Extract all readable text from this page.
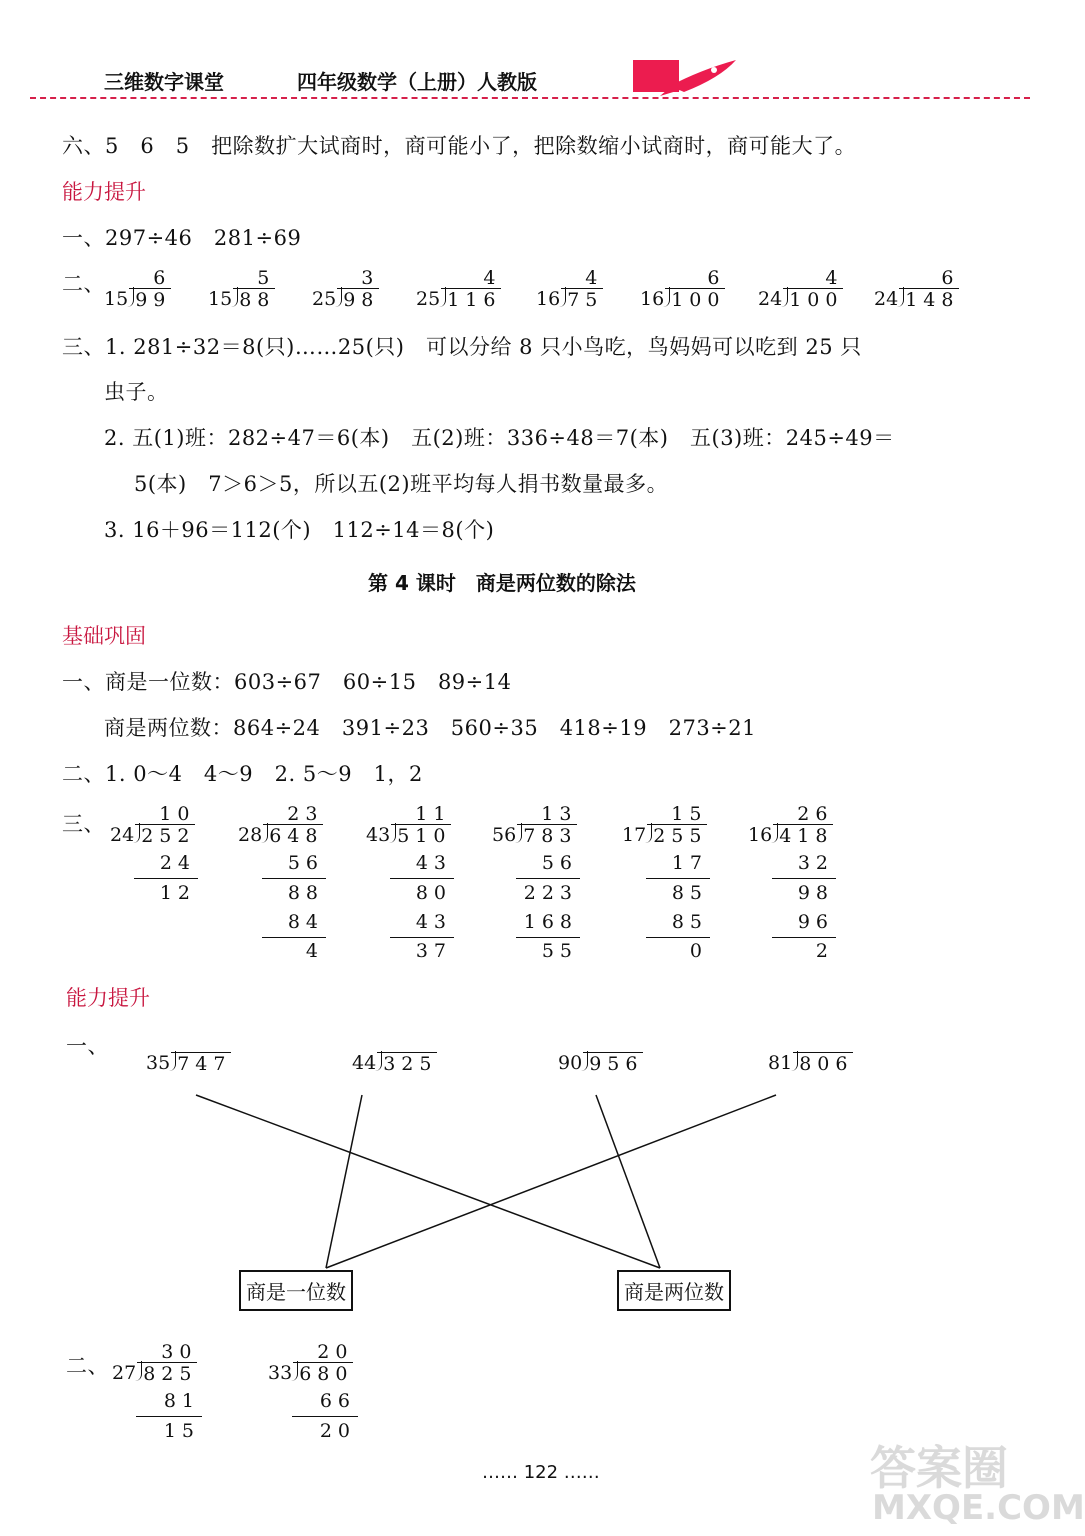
三维数字课堂	四年级数学（上册）人教版
六、5　6　5　把除数扩大试商时，商可能小了，把除数缩小试商时，商可能大了。
能力提升
一、297÷46　281÷69
二、	6
15 99
5
15 88
3
25 98
4
25 116
4
16 75
6
16 100
4
24 100
6
24 148
三、1. 281÷32＝8(只)……25(只)　可以分给 8 只小鸟吃，鸟妈妈可以吃到 25 只
虫子。
2. 五(1)班：282÷47＝6(本)　五(2)班：336÷48＝7(本)　五(3)班：245÷49＝
5(本)　7＞6＞5，所以五(2)班平均每人捐书数量最多。
3. 16＋96＝112(个)　112÷14＝8(个)
第 4 课时　商是两位数的除法
基础巩固
一、商是一位数：603÷67　60÷15　89÷14
商是两位数：864÷24　391÷23　560÷35　418÷19　273÷21
二、1. 0～4　4～9　2. 5～9　1，2
三、	10
24 252
24
12
23
28 648
56
88
84
4
11
43 510
43
80
43
37
13
56 783
56
223
168
55
15
17 255
17
85
85
0
26
16 418
32
98
96
2
能力提升
一、
35 747	44 325	90 956	81 806
商是一位数	商是两位数
二、
30
27 825
81
15
20
33 680
66
20
…… 122 ……	答案圈
MXQE.COM
